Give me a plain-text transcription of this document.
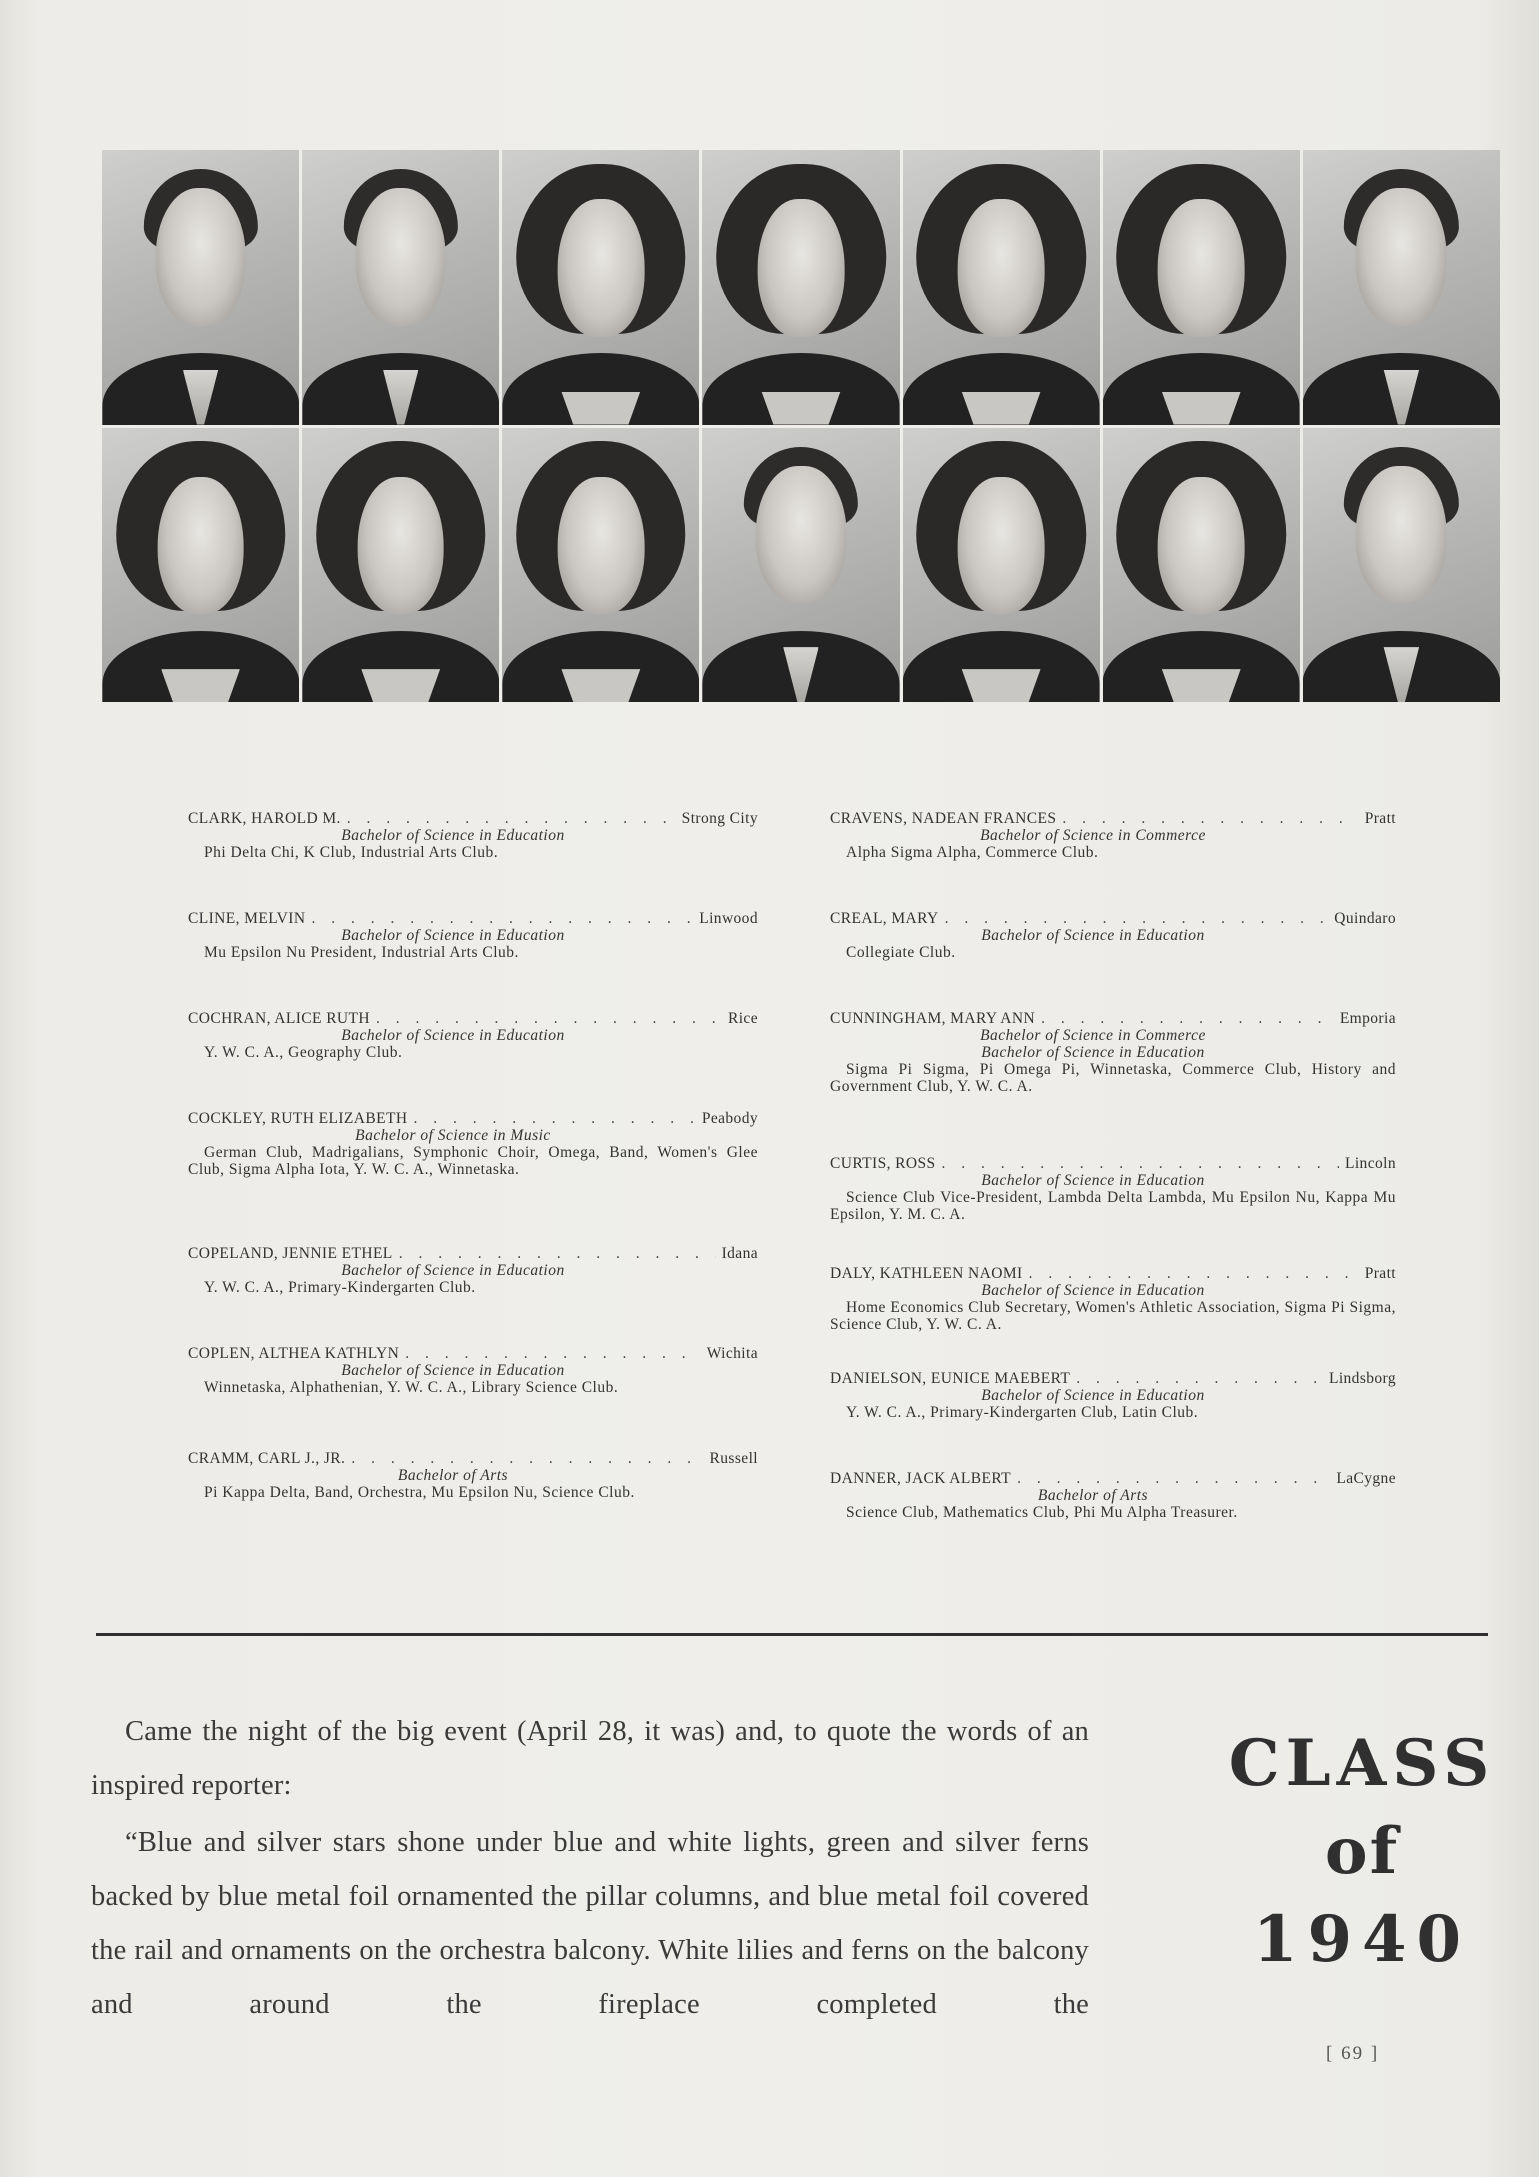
CLARK, HAROLD M. . . .	Strong City
Bachelor of Science in Education
Phi Delta Chi, K Club, Industrial Arts Club.
CLINE, MELVIN . . .	Linwood
Bachelor of Science in Education
Mu Epsilon Nu President, Industrial Arts Club.
COCHRAN, ALICE RUTH . . .	Rice
Bachelor of Science in Education
Y. W. C. A., Geography Club.
COCKLEY, RUTH ELIZABETH . . .	Peabody
Bachelor of Science in Music
German Club, Madrigalians, Symphonic Choir, Omega, Band, Women's Glee Club, Sigma Alpha Iota, Y. W. C. A., Winnetaska.
COPELAND, JENNIE ETHEL . . .	Idana
Bachelor of Science in Education
Y. W. C. A., Primary-Kindergarten Club.
COPLEN, ALTHEA KATHLYN . . .	Wichita
Bachelor of Science in Education
Winnetaska, Alphathenian, Y. W. C. A., Library Science Club.
CRAMM, CARL J., JR. . . .	Russell
Bachelor of Arts
Pi Kappa Delta, Band, Orchestra, Mu Epsilon Nu, Science Club.
CRAVENS, NADEAN FRANCES . . .	Pratt
Bachelor of Science in Commerce
Alpha Sigma Alpha, Commerce Club.
CREAL, MARY . . .	Quindaro
Bachelor of Science in Education
Collegiate Club.
CUNNINGHAM, MARY ANN . . .	Emporia
Bachelor of Science in Commerce
Bachelor of Science in Education
Sigma Pi Sigma, Pi Omega Pi, Winnetaska, Commerce Club, History and Government Club, Y. W. C. A.
CURTIS, ROSS . . .	Lincoln
Bachelor of Science in Education
Science Club Vice-President, Lambda Delta Lambda, Mu Epsilon Nu, Kappa Mu Epsilon, Y. M. C. A.
DALY, KATHLEEN NAOMI . . .	Pratt
Bachelor of Science in Education
Home Economics Club Secretary, Women's Athletic Association, Sigma Pi Sigma, Science Club, Y. W. C. A.
DANIELSON, EUNICE MAEBERT . . .	Lindsborg
Bachelor of Science in Education
Y. W. C. A., Primary-Kindergarten Club, Latin Club.
DANNER, JACK ALBERT . . .	LaCygne
Bachelor of Arts
Science Club, Mathematics Club, Phi Mu Alpha Treasurer.

Came the night of the big event (April 28, it was) and, to quote the words of an inspired reporter:

“Blue and silver stars shone under blue and white lights, green and silver ferns backed by blue metal foil ornamented the pillar columns, and blue metal foil covered the rail and ornaments on the orchestra balcony. White lilies and ferns on the balcony and around the fireplace completed the

CLASS
of
1940
[ 69 ]
